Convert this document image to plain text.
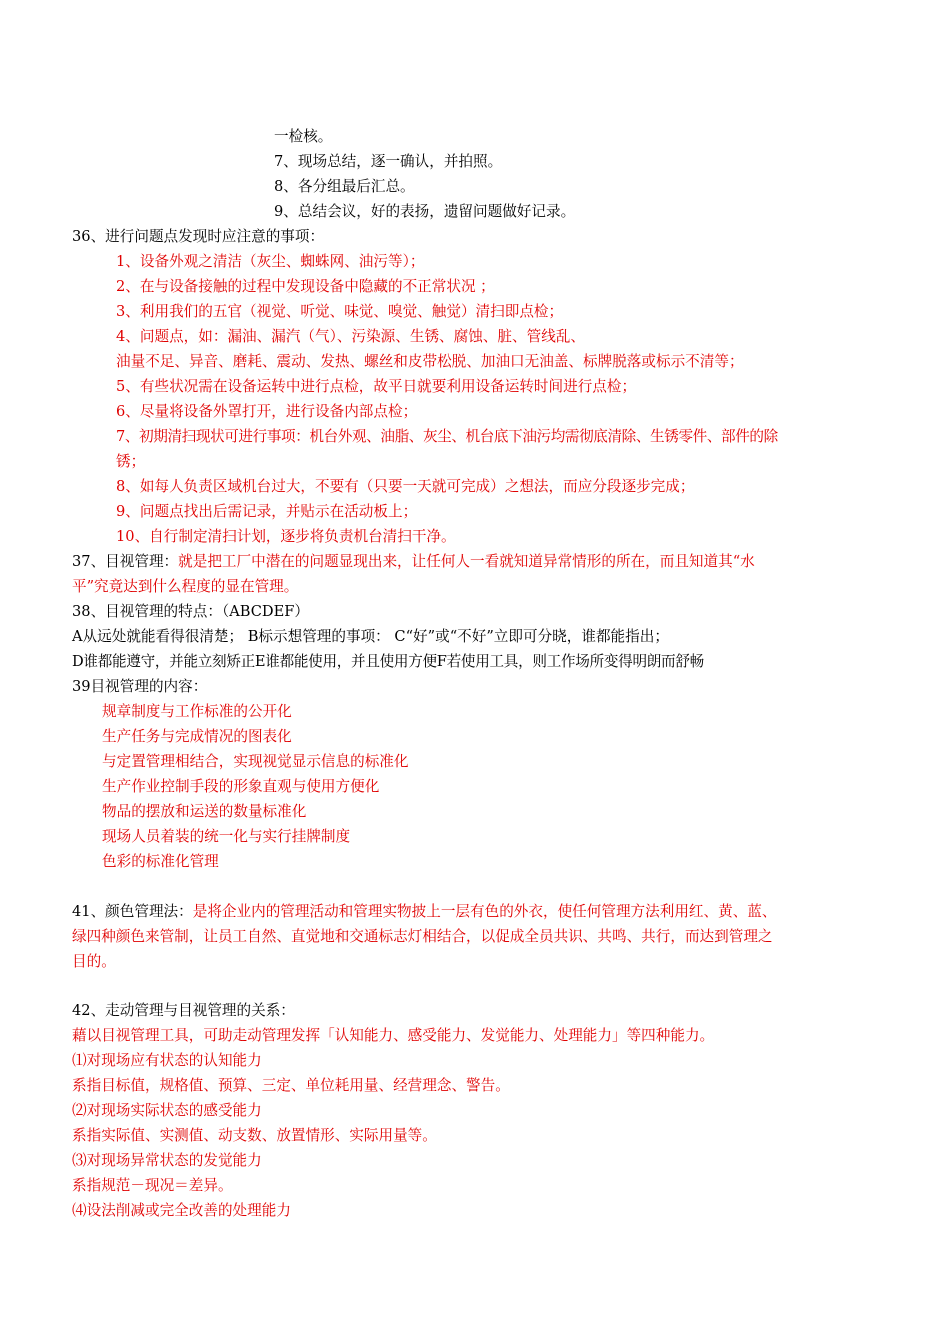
一检核。
7、现场总结，逐一确认，并拍照。
8、各分组最后汇总。
9、总结会议，好的表扬，遗留问题做好记录。
36、进行问题点发现时应注意的事项：
1、设备外观之清洁（灰尘、蜘蛛网、油污等）；
2、在与设备接触的过程中发现设备中隐藏的不正常状况 ；
3、利用我们的五官（视觉、听觉、味觉、嗅觉、触觉）清扫即点检；
4、问题点，如：漏油、漏汽（气）、污染源、生锈、腐蚀、脏、管线乱、
油量不足、异音、磨耗、震动、发热、螺丝和皮带松脱、加油口无油盖、标牌脱落或标示不清等；
5、有些状况需在设备运转中进行点检，故平日就要利用设备运转时间进行点检；
6、尽量将设备外罩打开，进行设备内部点检；
7、初期清扫现状可进行事项：机台外观、油脂、灰尘、机台底下油污均需彻底清除、生锈零件、部件的除
锈；
8、如每人负责区域机台过大，不要有（只要一天就可完成）之想法，而应分段逐步完成；
9、问题点找出后需记录，并贴示在活动板上；
10、自行制定清扫计划，逐步将负责机台清扫干净。
37、目视管理：就是把工厂中潜在的问题显现出来，让任何人一看就知道异常情形的所在，而且知道其“水
平”究竟达到什么程度的显在管理。
38、目视管理的特点：（ABCDEF）
A从远处就能看得很清楚； B标示想管理的事项： C“好”或“不好”立即可分晓，谁都能指出；
D谁都能遵守，并能立刻矫正E谁都能使用，并且使用方便F若使用工具，则工作场所变得明朗而舒畅
39目视管理的内容：
规章制度与工作标准的公开化
生产任务与完成情况的图表化
与定置管理相结合，实现视觉显示信息的标准化
生产作业控制手段的形象直观与使用方便化
物品的摆放和运送的数量标准化
现场人员着装的统一化与实行挂牌制度
色彩的标准化管理
41、颜色管理法：是将企业内的管理活动和管理实物披上一层有色的外衣，使任何管理方法利用红、黄、蓝、
绿四种颜色来管制，让员工自然、直觉地和交通标志灯相结合，以促成全员共识、共鸣、共行，而达到管理之
目的。
42、走动管理与目视管理的关系：
藉以目视管理工具，可助走动管理发挥「认知能力、感受能力、发觉能力、处理能力」等四种能力。
⑴对现场应有状态的认知能力
系指目标值，规格值、预算、三定、单位耗用量、经营理念、警告。
⑵对现场实际状态的感受能力
系指实际值、实测值、动支数、放置情形、实际用量等。
⑶对现场异常状态的发觉能力
系指规范－现况＝差异。
⑷设法削减或完全改善的处理能力
